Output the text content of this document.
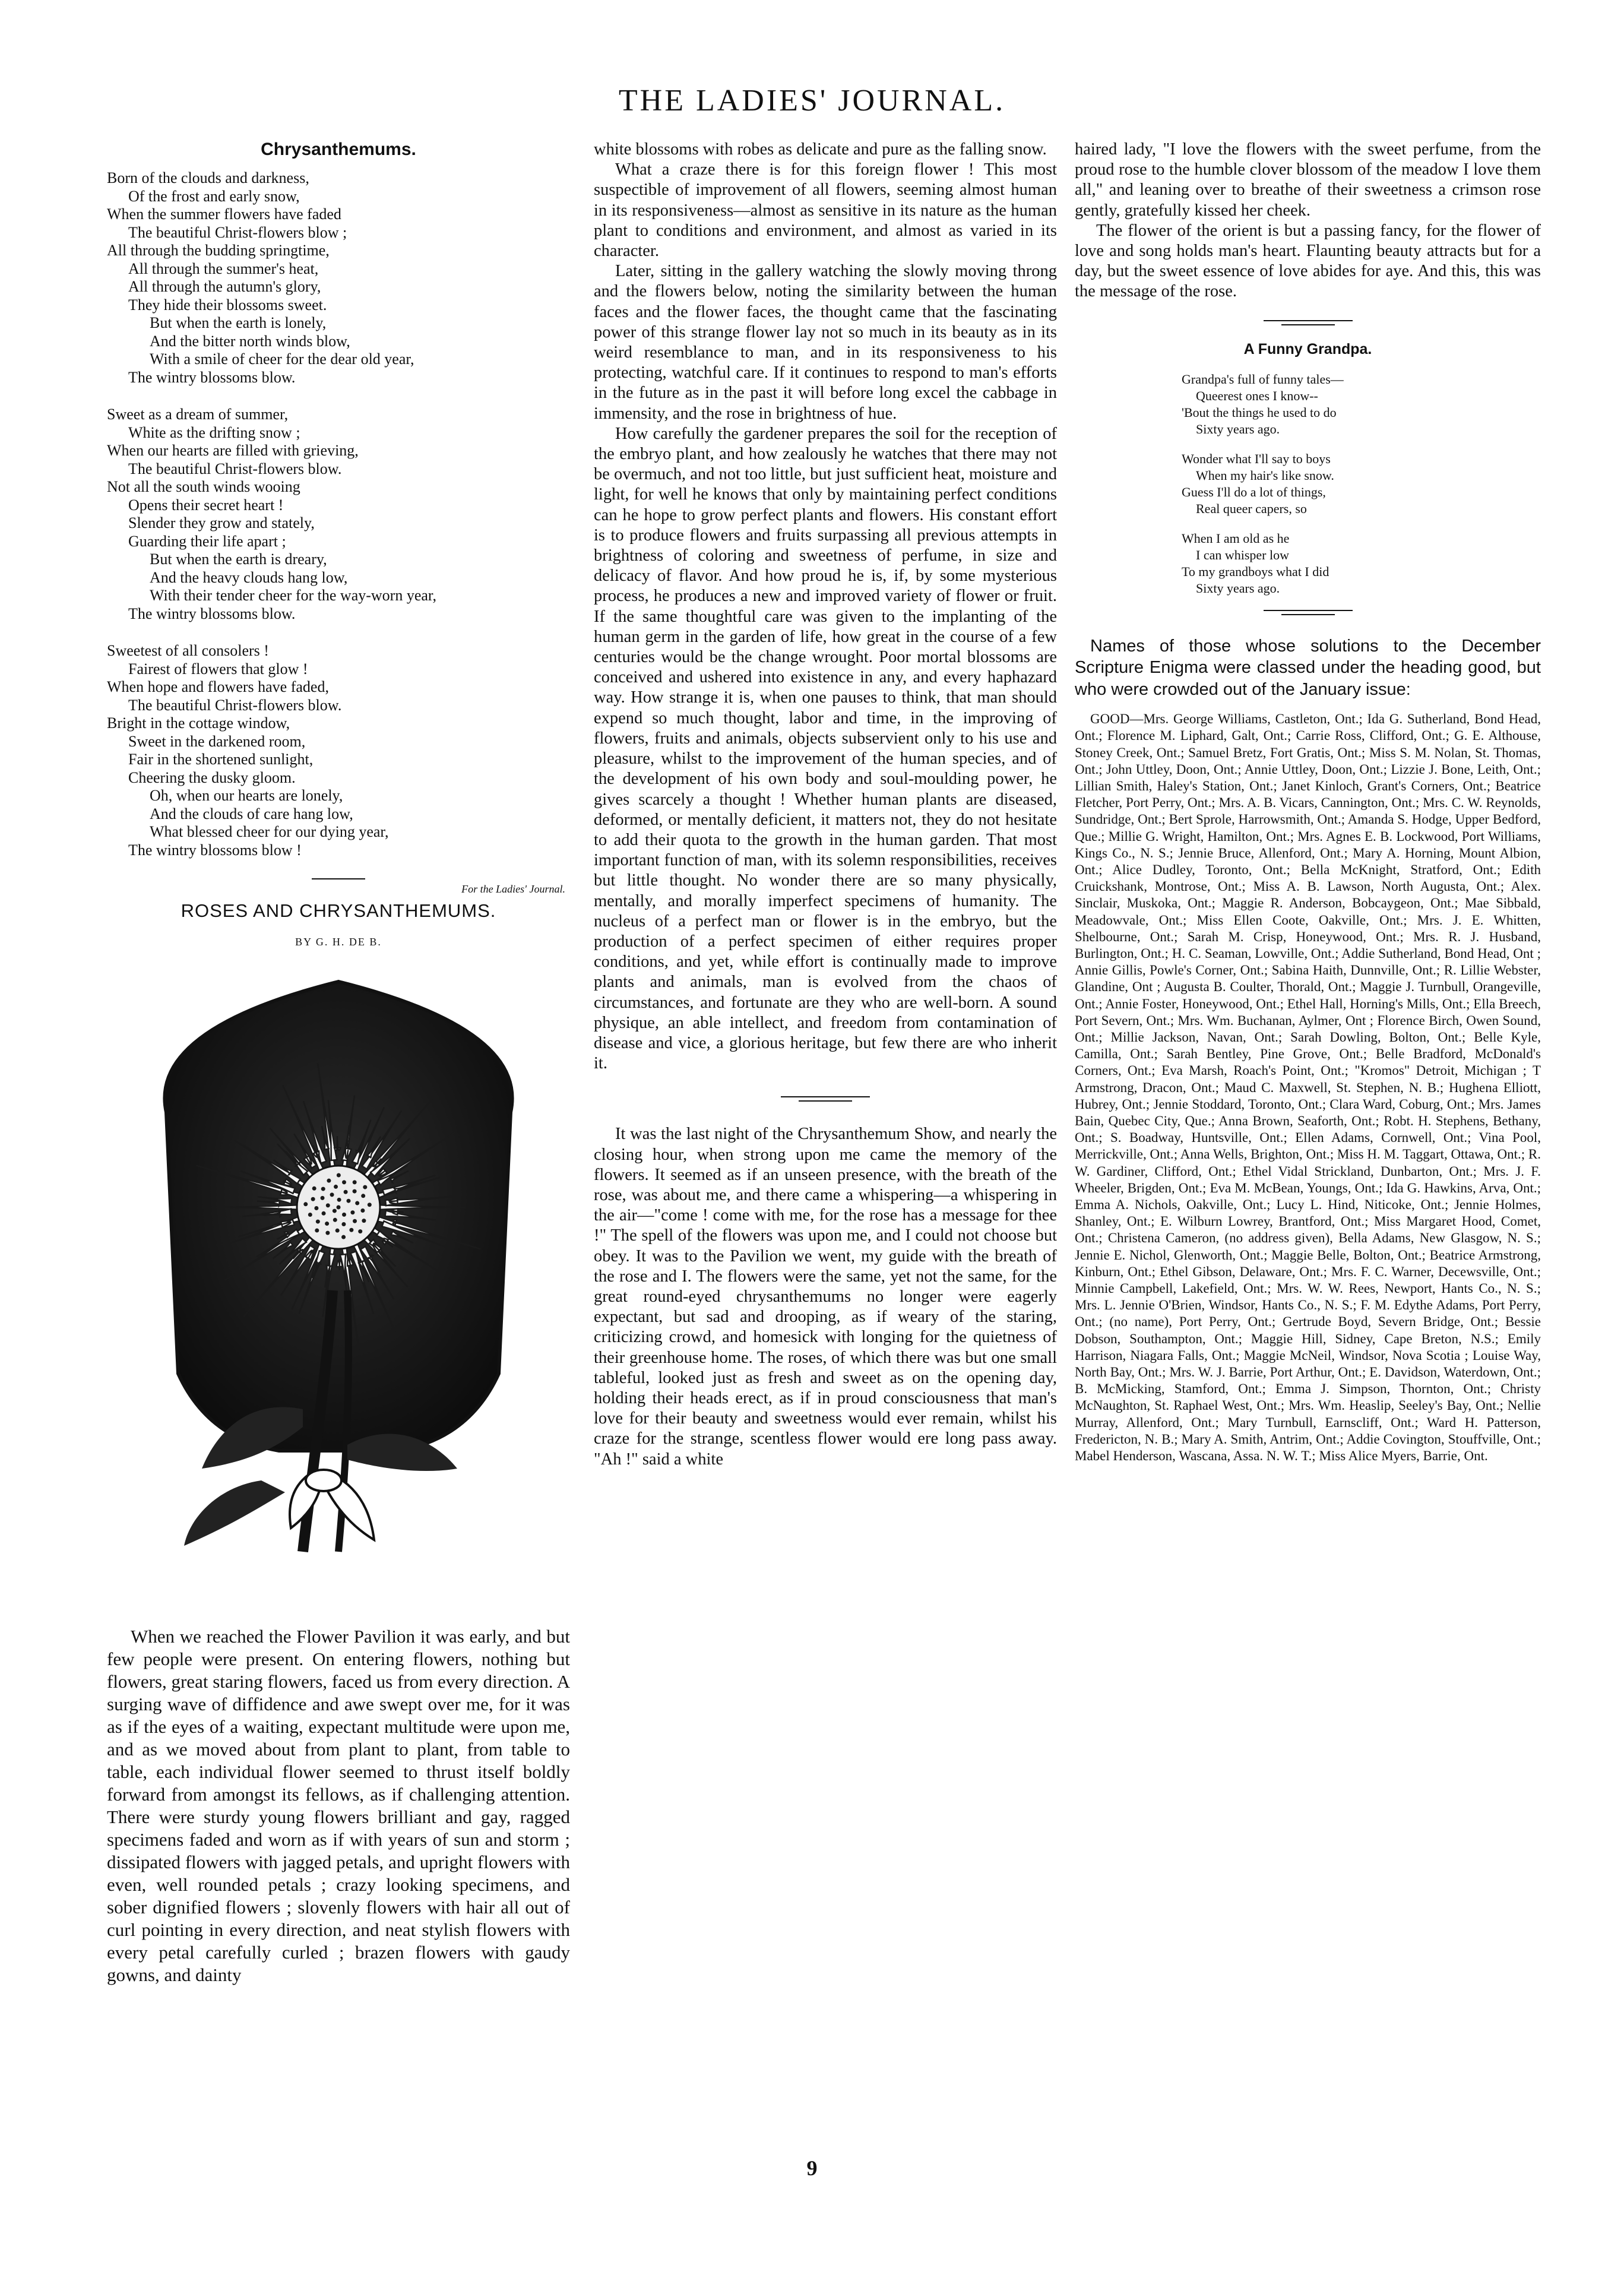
THE LADIES' JOURNAL.
Chrysanthemums.
Born of the clouds and darkness,
Of the frost and early snow,
When the summer flowers have faded
The beautiful Christ-flowers blow ;
All through the budding springtime,
All through the summer's heat,
All through the autumn's glory,
They hide their blossoms sweet.
But when the earth is lonely,
And the bitter north winds blow,
With a smile of cheer for the dear old year,
The wintry blossoms blow.
Sweet as a dream of summer,
White as the drifting snow ;
When our hearts are filled with grieving,
The beautiful Christ-flowers blow.
Not all the south winds wooing
Opens their secret heart !
Slender they grow and stately,
Guarding their life apart ;
But when the earth is dreary,
And the heavy clouds hang low,
With their tender cheer for the way-worn year,
The wintry blossoms blow.
Sweetest of all consolers !
Fairest of flowers that glow !
When hope and flowers have faded,
The beautiful Christ-flowers blow.
Bright in the cottage window,
Sweet in the darkened room,
Fair in the shortened sunlight,
Cheering the dusky gloom.
Oh, when our hearts are lonely,
And the clouds of care hang low,
What blessed cheer for our dying year,
The wintry blossoms blow !
For the Ladies' Journal.
ROSES AND CHRYSANTHEMUMS.
BY G. H. DE B.

When we reached the Flower Pavilion it was early, and but few people were present. On entering flowers, nothing but flowers, great staring flowers, faced us from every direction. A surging wave of diffidence and awe swept over me, for it was as if the eyes of a waiting, expectant multitude were upon me, and as we moved about from plant to plant, from table to table, each individual flower seemed to thrust itself boldly forward from amongst its fellows, as if challenging attention. There were sturdy young flowers brilliant and gay, ragged specimens faded and worn as if with years of sun and storm ; dissipated flowers with jagged petals, and upright flowers with even, well rounded petals ; crazy looking specimens, and sober dignified flowers ; slovenly flowers with hair all out of curl pointing in every direction, and neat stylish flowers with every petal carefully curled ; brazen flowers with gaudy gowns, and dainty

white blossoms with robes as delicate and pure as the falling snow.

What a craze there is for this foreign flower ! This most suspectible of improvement of all flowers, seeming almost human in its responsiveness—almost as sensitive in its nature as the human plant to conditions and environment, and almost as varied in its character.

Later, sitting in the gallery watching the slowly moving throng and the flowers below, noting the similarity between the human faces and the flower faces, the thought came that the fascinating power of this strange flower lay not so much in its beauty as in its weird resemblance to man, and in its responsiveness to his protecting, watchful care. If it continues to respond to man's efforts in the future as in the past it will before long excel the cabbage in immensity, and the rose in brightness of hue.

How carefully the gardener prepares the soil for the reception of the embryo plant, and how zealously he watches that there may not be overmuch, and not too little, but just sufficient heat, moisture and light, for well he knows that only by maintaining perfect conditions can he hope to grow perfect plants and flowers. His constant effort is to produce flowers and fruits surpassing all previous attempts in brightness of coloring and sweetness of perfume, in size and delicacy of flavor. And how proud he is, if, by some mysterious process, he produces a new and improved variety of flower or fruit. If the same thoughtful care was given to the implanting of the human germ in the garden of life, how great in the course of a few centuries would be the change wrought. Poor mortal blossoms are conceived and ushered into existence in any, and every haphazard way. How strange it is, when one pauses to think, that man should expend so much thought, labor and time, in the improving of flowers, fruits and animals, objects subservient only to his use and pleasure, whilst to the improvement of the human species, and of the development of his own body and soul-moulding power, he gives scarcely a thought ! Whether human plants are diseased, deformed, or mentally deficient, it matters not, they do not hesitate to add their quota to the growth in the human garden. That most important function of man, with its solemn responsibilities, receives but little thought. No wonder there are so many physically, mentally, and morally imperfect specimens of humanity. The nucleus of a perfect man or flower is in the embryo, but the production of a perfect specimen of either requires proper conditions, and yet, while effort is continually made to improve plants and animals, man is evolved from the chaos of circumstances, and fortunate are they who are well-born. A sound physique, an able intellect, and freedom from contamination of disease and vice, a glorious heritage, but few there are who inherit it.

It was the last night of the Chrysanthemum Show, and nearly the closing hour, when strong upon me came the memory of the flowers. It seemed as if an unseen presence, with the breath of the rose, was about me, and there came a whispering—a whispering in the air—"come ! come with me, for the rose has a message for thee !" The spell of the flowers was upon me, and I could not choose but obey. It was to the Pavilion we went, my guide with the breath of the rose and I. The flowers were the same, yet not the same, for the great round-eyed chrysanthemums no longer were eagerly expectant, but sad and drooping, as if weary of the staring, criticizing crowd, and homesick with longing for the quietness of their greenhouse home. The roses, of which there was but one small tableful, looked just as fresh and sweet as on the opening day, holding their heads erect, as if in proud consciousness that man's love for their beauty and sweetness would ever remain, whilst his craze for the strange, scentless flower would ere long pass away. "Ah !" said a white

haired lady, "I love the flowers with the sweet perfume, from the proud rose to the humble clover blossom of the meadow I love them all," and leaning over to breathe of their sweetness a crimson rose gently, gratefully kissed her cheek.

The flower of the orient is but a passing fancy, for the flower of love and song holds man's heart. Flaunting beauty attracts but for a day, but the sweet essence of love abides for aye. And this, this was the message of the rose.

A Funny Grandpa.
Grandpa's full of funny tales—
Queerest ones I know--
'Bout the things he used to do
Sixty years ago.
Wonder what I'll say to boys
When my hair's like snow.
Guess I'll do a lot of things,
Real queer capers, so
When I am old as he
I can whisper low
To my grandboys what I did
Sixty years ago.

Names of those whose solutions to the December Scripture Enigma were classed under the heading good, but who were crowded out of the January issue:

GOOD—Mrs. George Williams, Castleton, Ont.; Ida G. Sutherland, Bond Head, Ont.; Florence M. Liphard, Galt, Ont.; Carrie Ross, Clifford, Ont.; G. E. Althouse, Stoney Creek, Ont.; Samuel Bretz, Fort Gratis, Ont.; Miss S. M. Nolan, St. Thomas, Ont.; John Uttley, Doon, Ont.; Annie Uttley, Doon, Ont.; Lizzie J. Bone, Leith, Ont.; Lillian Smith, Haley's Station, Ont.; Janet Kinloch, Grant's Corners, Ont.; Beatrice Fletcher, Port Perry, Ont.; Mrs. A. B. Vicars, Cannington, Ont.; Mrs. C. W. Reynolds, Sundridge, Ont.; Bert Sprole, Harrowsmith, Ont.; Amanda S. Hodge, Upper Bedford, Que.; Millie G. Wright, Hamilton, Ont.; Mrs. Agnes E. B. Lockwood, Port Williams, Kings Co., N. S.; Jennie Bruce, Allenford, Ont.; Mary A. Horning, Mount Albion, Ont.; Alice Dudley, Toronto, Ont.; Bella McKnight, Stratford, Ont.; Edith Cruickshank, Montrose, Ont.; Miss A. B. Lawson, North Augusta, Ont.; Alex. Sinclair, Muskoka, Ont.; Maggie R. Anderson, Bobcaygeon, Ont.; Mae Sibbald, Meadowvale, Ont.; Miss Ellen Coote, Oakville, Ont.; Mrs. J. E. Whitten, Shelbourne, Ont.; Sarah M. Crisp, Honeywood, Ont.; Mrs. R. J. Husband, Burlington, Ont.; H. C. Seaman, Lowville, Ont.; Addie Sutherland, Bond Head, Ont ; Annie Gillis, Powle's Corner, Ont.; Sabina Haith, Dunnville, Ont.; R. Lillie Webster, Glandine, Ont ; Augusta B. Coulter, Thorald, Ont.; Maggie J. Turnbull, Orangeville, Ont.; Annie Foster, Honeywood, Ont.; Ethel Hall, Horning's Mills, Ont.; Ella Breech, Port Severn, Ont.; Mrs. Wm. Buchanan, Aylmer, Ont ; Florence Birch, Owen Sound, Ont.; Millie Jackson, Navan, Ont.; Sarah Dowling, Bolton, Ont.; Belle Kyle, Camilla, Ont.; Sarah Bentley, Pine Grove, Ont.; Belle Bradford, McDonald's Corners, Ont.; Eva Marsh, Roach's Point, Ont.; "Kromos" Detroit, Michigan ; T Armstrong, Dracon, Ont.; Maud C. Maxwell, St. Stephen, N. B.; Hughena Elliott, Hubrey, Ont.; Jennie Stoddard, Toronto, Ont.; Clara Ward, Coburg, Ont.; Mrs. James Bain, Quebec City, Que.; Anna Brown, Seaforth, Ont.; Robt. H. Stephens, Bethany, Ont.; S. Boadway, Huntsville, Ont.; Ellen Adams, Cornwell, Ont.; Vina Pool, Merrickville, Ont.; Anna Wells, Brighton, Ont.; Miss H. M. Taggart, Ottawa, Ont.; R. W. Gardiner, Clifford, Ont.; Ethel Vidal Strickland, Dunbarton, Ont.; Mrs. J. F. Wheeler, Brigden, Ont.; Eva M. McBean, Youngs, Ont.; Ida G. Hawkins, Arva, Ont.; Emma A. Nichols, Oakville, Ont.; Lucy L. Hind, Niticoke, Ont.; Jennie Holmes, Shanley, Ont.; E. Wilburn Lowrey, Brantford, Ont.; Miss Margaret Hood, Comet, Ont.; Christena Cameron, (no address given), Bella Adams, New Glasgow, N. S.; Jennie E. Nichol, Glenworth, Ont.; Maggie Belle, Bolton, Ont.; Beatrice Armstrong, Kinburn, Ont.; Ethel Gibson, Delaware, Ont.; Mrs. F. C. Warner, Decewsville, Ont.; Minnie Campbell, Lakefield, Ont.; Mrs. W. W. Rees, Newport, Hants Co., N. S.; Mrs. L. Jennie O'Brien, Windsor, Hants Co., N. S.; F. M. Edythe Adams, Port Perry, Ont.; (no name), Port Perry, Ont.; Gertrude Boyd, Severn Bridge, Ont.; Bessie Dobson, Southampton, Ont.; Maggie Hill, Sidney, Cape Breton, N.S.; Emily Harrison, Niagara Falls, Ont.; Maggie McNeil, Windsor, Nova Scotia ; Louise Way, North Bay, Ont.; Mrs. W. J. Barrie, Port Arthur, Ont.; E. Davidson, Waterdown, Ont.; B. McMicking, Stamford, Ont.; Emma J. Simpson, Thornton, Ont.; Christy McNaughton, St. Raphael West, Ont.; Mrs. Wm. Heaslip, Seeley's Bay, Ont.; Nellie Murray, Allenford, Ont.; Mary Turnbull, Earnscliff, Ont.; Ward H. Patterson, Fredericton, N. B.; Mary A. Smith, Antrim, Ont.; Addie Covington, Stouffville, Ont.; Mabel Henderson, Wascana, Assa. N. W. T.; Miss Alice Myers, Barrie, Ont.

9
